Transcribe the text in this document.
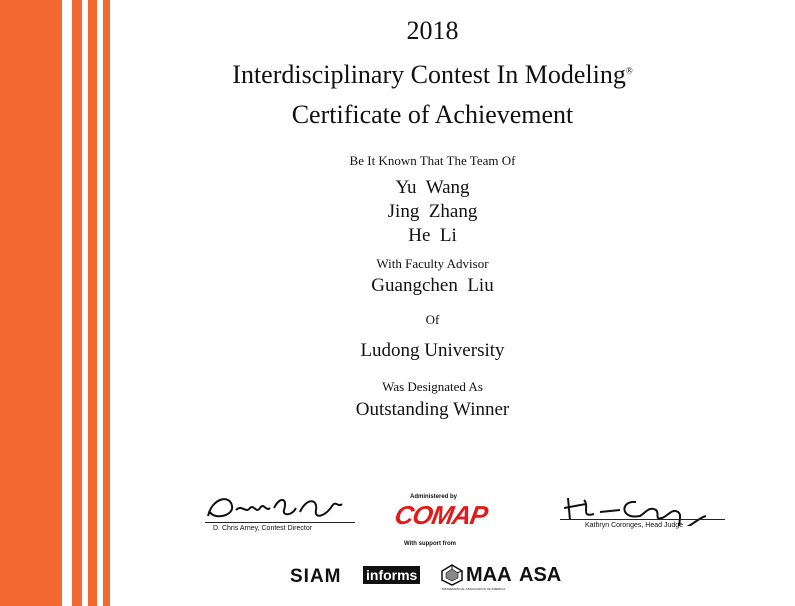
2018
Interdisciplinary Contest In Modeling®
Certificate of Achievement
Be It Known That The Team Of
Yu  Wang
Jing  Zhang
He  Li
With Faculty Advisor
Guangchen  Liu
Of
Ludong University
Was Designated As
Outstanding Winner
D. Chris Arney, Contest Director	Kathryn Coronges, Head Judge
Administered by
COMAP
With support from
SIAM informs MAA
MATHEMATICAL ASSOCIATION OF AMERICA
ASA
